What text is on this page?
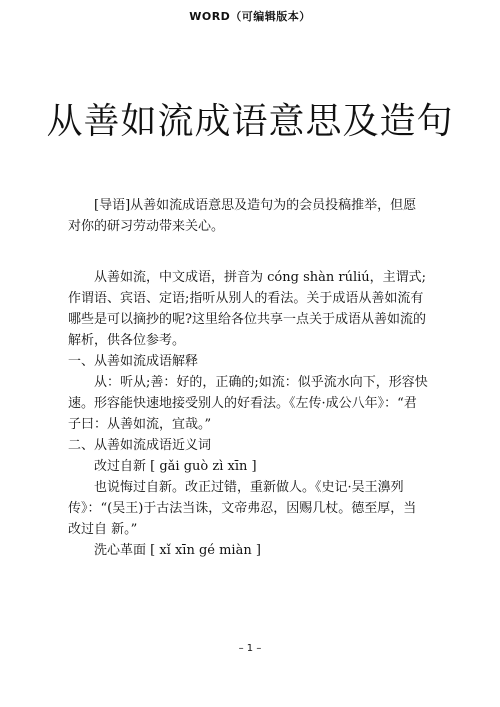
WORD（可编辑版本）
从善如流成语意思及造句

[导语]从善如流成语意思及造句为的会员投稿推举，但愿对你的研习劳动带来关心。

从善如流，中文成语，拼音为 cóng shàn rúliú，主谓式;作谓语、宾语、定语;指听从别人的看法。关于成语从善如流有哪些是可以摘抄的呢?这里给各位共享一点关于成语从善如流的解析，供各位参考。

一、从善如流成语解释

从：听从;善：好的，正确的;如流：似乎流水向下，形容快速。形容能快速地接受别人的好看法。《左传·成公八年》：“君子曰：从善如流，宜哉。”

二、从善如流成语近义词

改过自新 [ gǎi guò zì xīn ]

也说悔过自新。改正过错，重新做人。《史记·吴王濞列传》：“(吴王)于古法当诛，文帝弗忍，因赐几杖。德至厚，当改过自 新。”

洗心革面 [ xǐ xīn gé miàn ]

– 1 –
